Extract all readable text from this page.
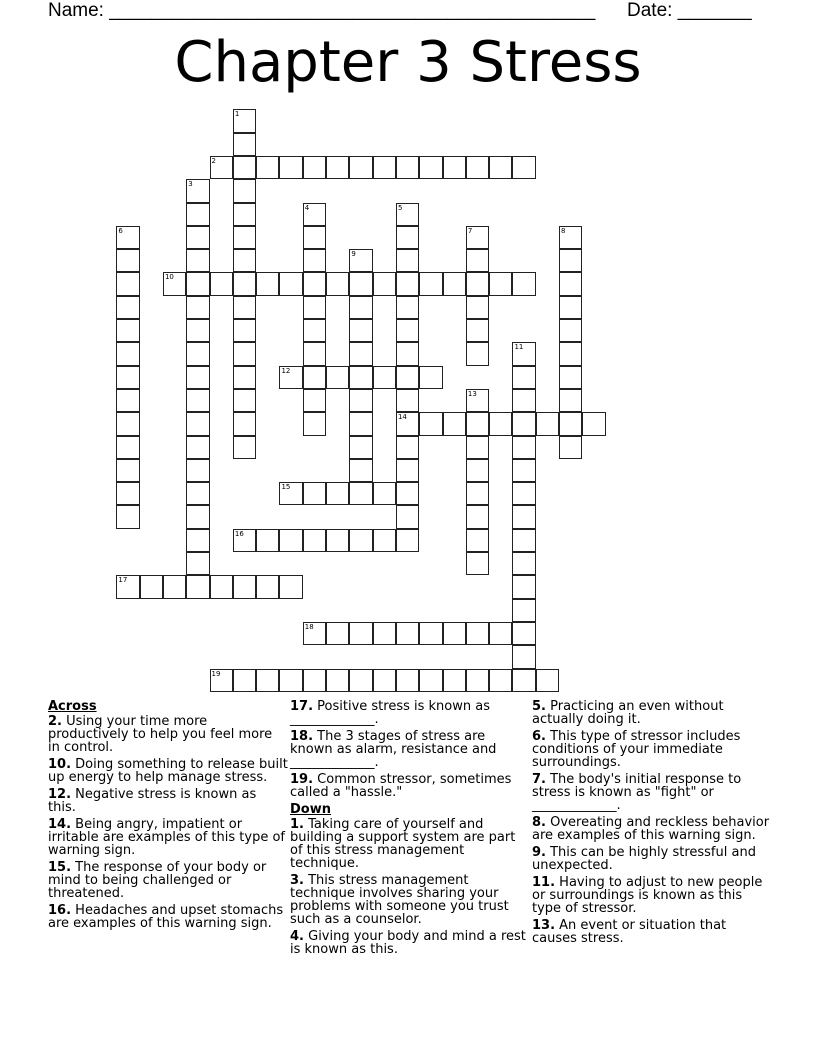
Name: ______________________________________________ Date: _______
Chapter 3 Stress
1
2
3
4	5
14
6	7	8
9
10
11
12
13
15
16
17
18
19
Across
2. Using your time more productively to help you feel more in control.
10. Doing something to release built up energy to help manage stress.
12. Negative stress is known as this.
14. Being angry, impatient or irritable are examples of this type of warning sign.
15. The response of your body or mind to being challenged or threatened.
16. Headaches and upset stomachs are examples of this warning sign.
17. Positive stress is known as _____________.
18. The 3 stages of stress are known as alarm, resistance and _____________.
19. Common stressor, sometimes called a "hassle."
Down
1. Taking care of yourself and building a support system are part of this stress management technique.
3. This stress management technique involves sharing your problems with someone you trust such as a counselor.
4. Giving your body and mind a rest is known as this.
5. Practicing an even without actually doing it.
6. This type of stressor includes conditions of your immediate surroundings.
7. The body's initial response to stress is known as "fight" or _____________.
8. Overeating and reckless behavior are examples of this warning sign.
9. This can be highly stressful and unexpected.
11. Having to adjust to new people or surroundings is known as this type of stressor.
13. An event or situation that causes stress.
